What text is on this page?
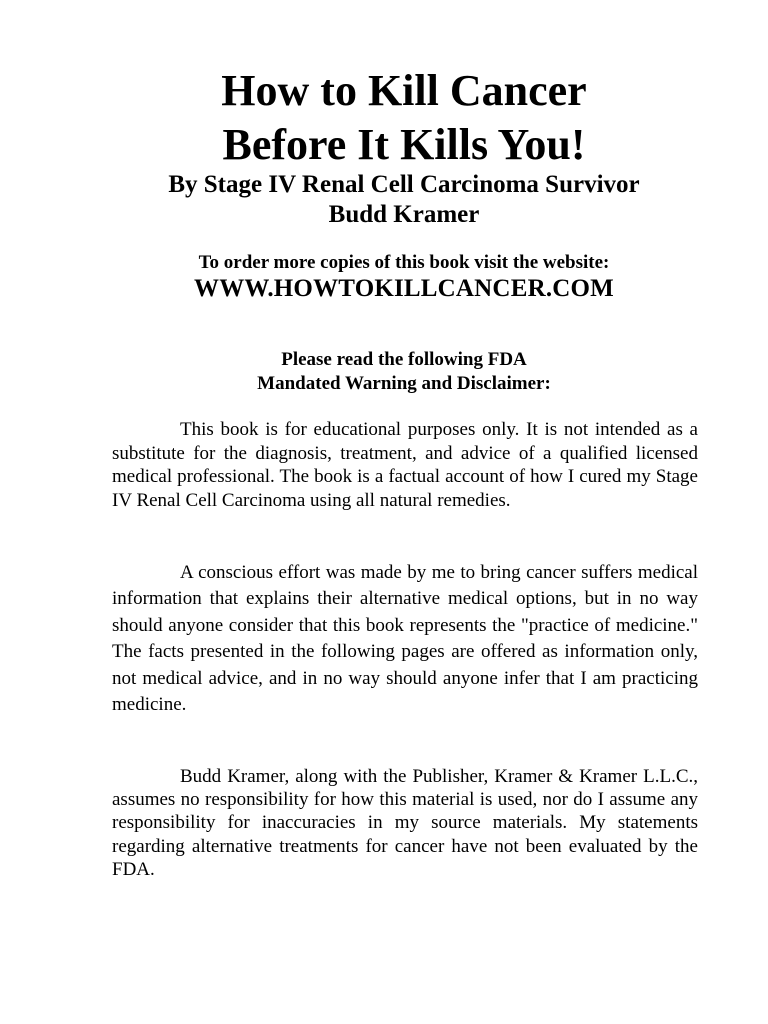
How to Kill Cancer
Before It Kills You!
By Stage IV Renal Cell Carcinoma Survivor
Budd Kramer

To order more copies of this book visit the website:

WWW.HOWTOKILLCANCER.COM

Please read the following FDA

Mandated Warning and Disclaimer:

This book is for educational purposes only. It is not intended as a substitute for the diagnosis, treatment, and advice of a qualified licensed medical professional. The book is a factual account of how I cured my Stage IV Renal Cell Carcinoma using all natural remedies.

A conscious effort was made by me to bring cancer suffers medical information that explains their alternative medical options, but in no way should anyone consider that this book represents the "practice of medicine." The facts presented in the following pages are offered as information only, not medical advice, and in no way should anyone infer that I am practicing medicine.

Budd Kramer, along with the Publisher, Kramer & Kramer L.L.C., assumes no responsibility for how this material is used, nor do I assume any responsibility for inaccuracies in my source materials. My statements regarding alternative treatments for cancer have not been evaluated by the FDA.
